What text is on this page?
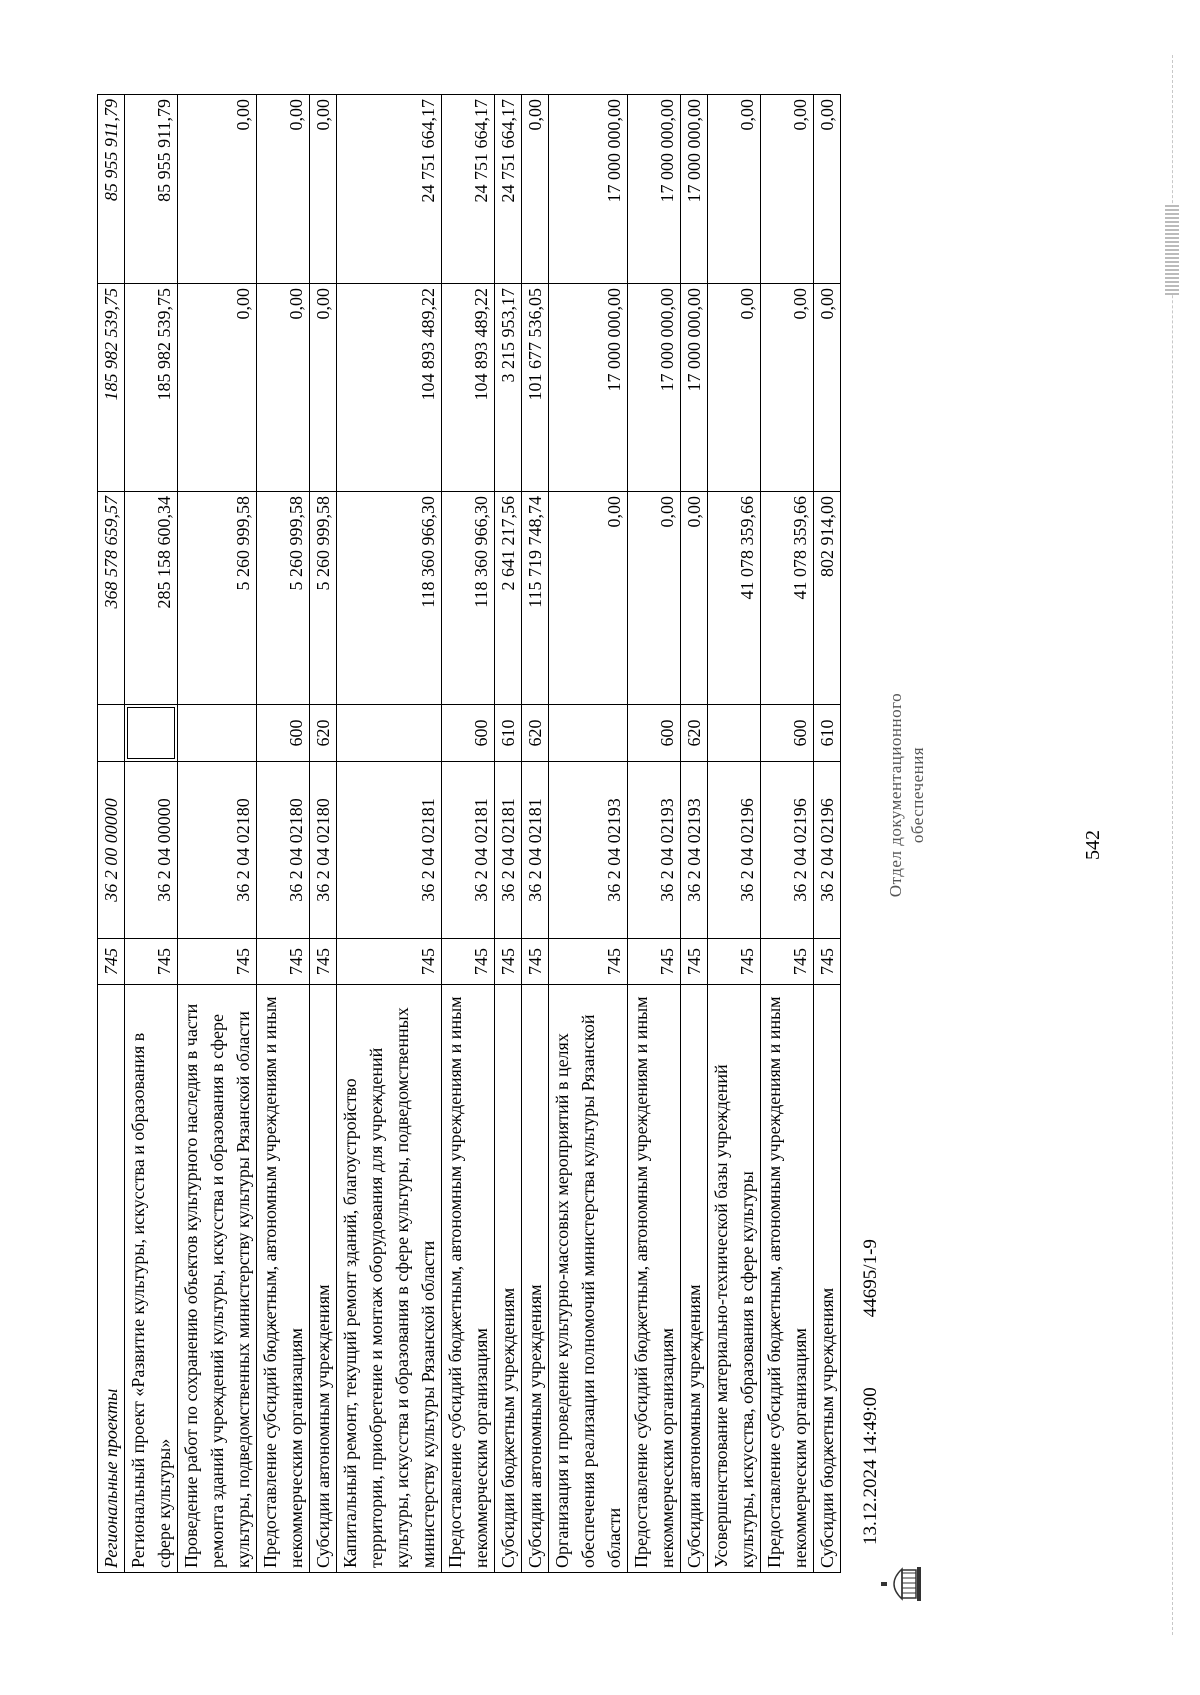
542
Региональные проекты	745	36 2 00 00000		368 578 659,57	185 982 539,75	85 955 911,79
Региональный проект «Развитие культуры, искусства и образования в сфере культуры»	745	36 2 04 00000		285 158 600,34	185 982 539,75	85 955 911,79
Проведение работ по сохранению объектов культурного наследия в части ремонта зданий учреждений культуры, искусства и образования в сфере культуры, подведомственных министерству культуры Рязанской области	745	36 2 04 02180		5 260 999,58	0,00	0,00
Предоставление субсидий бюджетным, автономным учреждениям и иным некоммерческим организациям	745	36 2 04 02180	600	5 260 999,58	0,00	0,00
Субсидии автономным учреждениям	745	36 2 04 02180	620	5 260 999,58	0,00	0,00
Капитальный ремонт, текущий ремонт зданий, благоустройство территории, приобретение и монтаж оборудования для учреждений культуры, искусства и образования в сфере культуры, подведомственных министерству культуры Рязанской области	745	36 2 04 02181		118 360 966,30	104 893 489,22	24 751 664,17
Предоставление субсидий бюджетным, автономным учреждениям и иным некоммерческим организациям	745	36 2 04 02181	600	118 360 966,30	104 893 489,22	24 751 664,17
Субсидии бюджетным учреждениям	745	36 2 04 02181	610	2 641 217,56	3 215 953,17	24 751 664,17
Субсидии автономным учреждениям	745	36 2 04 02181	620	115 719 748,74	101 677 536,05	0,00
Организация и проведение культурно-массовых мероприятий в целях обеспечения реализации полномочий министерства культуры Рязанской области	745	36 2 04 02193		0,00	17 000 000,00	17 000 000,00
Предоставление субсидий бюджетным, автономным учреждениям и иным некоммерческим организациям	745	36 2 04 02193	600	0,00	17 000 000,00	17 000 000,00
Субсидии автономным учреждениям	745	36 2 04 02193	620	0,00	17 000 000,00	17 000 000,00
Усовершенствование материально-технической базы учреждений культуры, искусства, образования в сфере культуры	745	36 2 04 02196		41 078 359,66	0,00	0,00
Предоставление субсидий бюджетным, автономным учреждениям и иным некоммерческим организациям	745	36 2 04 02196	600	41 078 359,66	0,00	0,00
Субсидии бюджетным учреждениям	745	36 2 04 02196	610	802 914,00	0,00	0,00
13.12.2024 14:49:00
44695/1-9
Отдел документационного обеспечения
